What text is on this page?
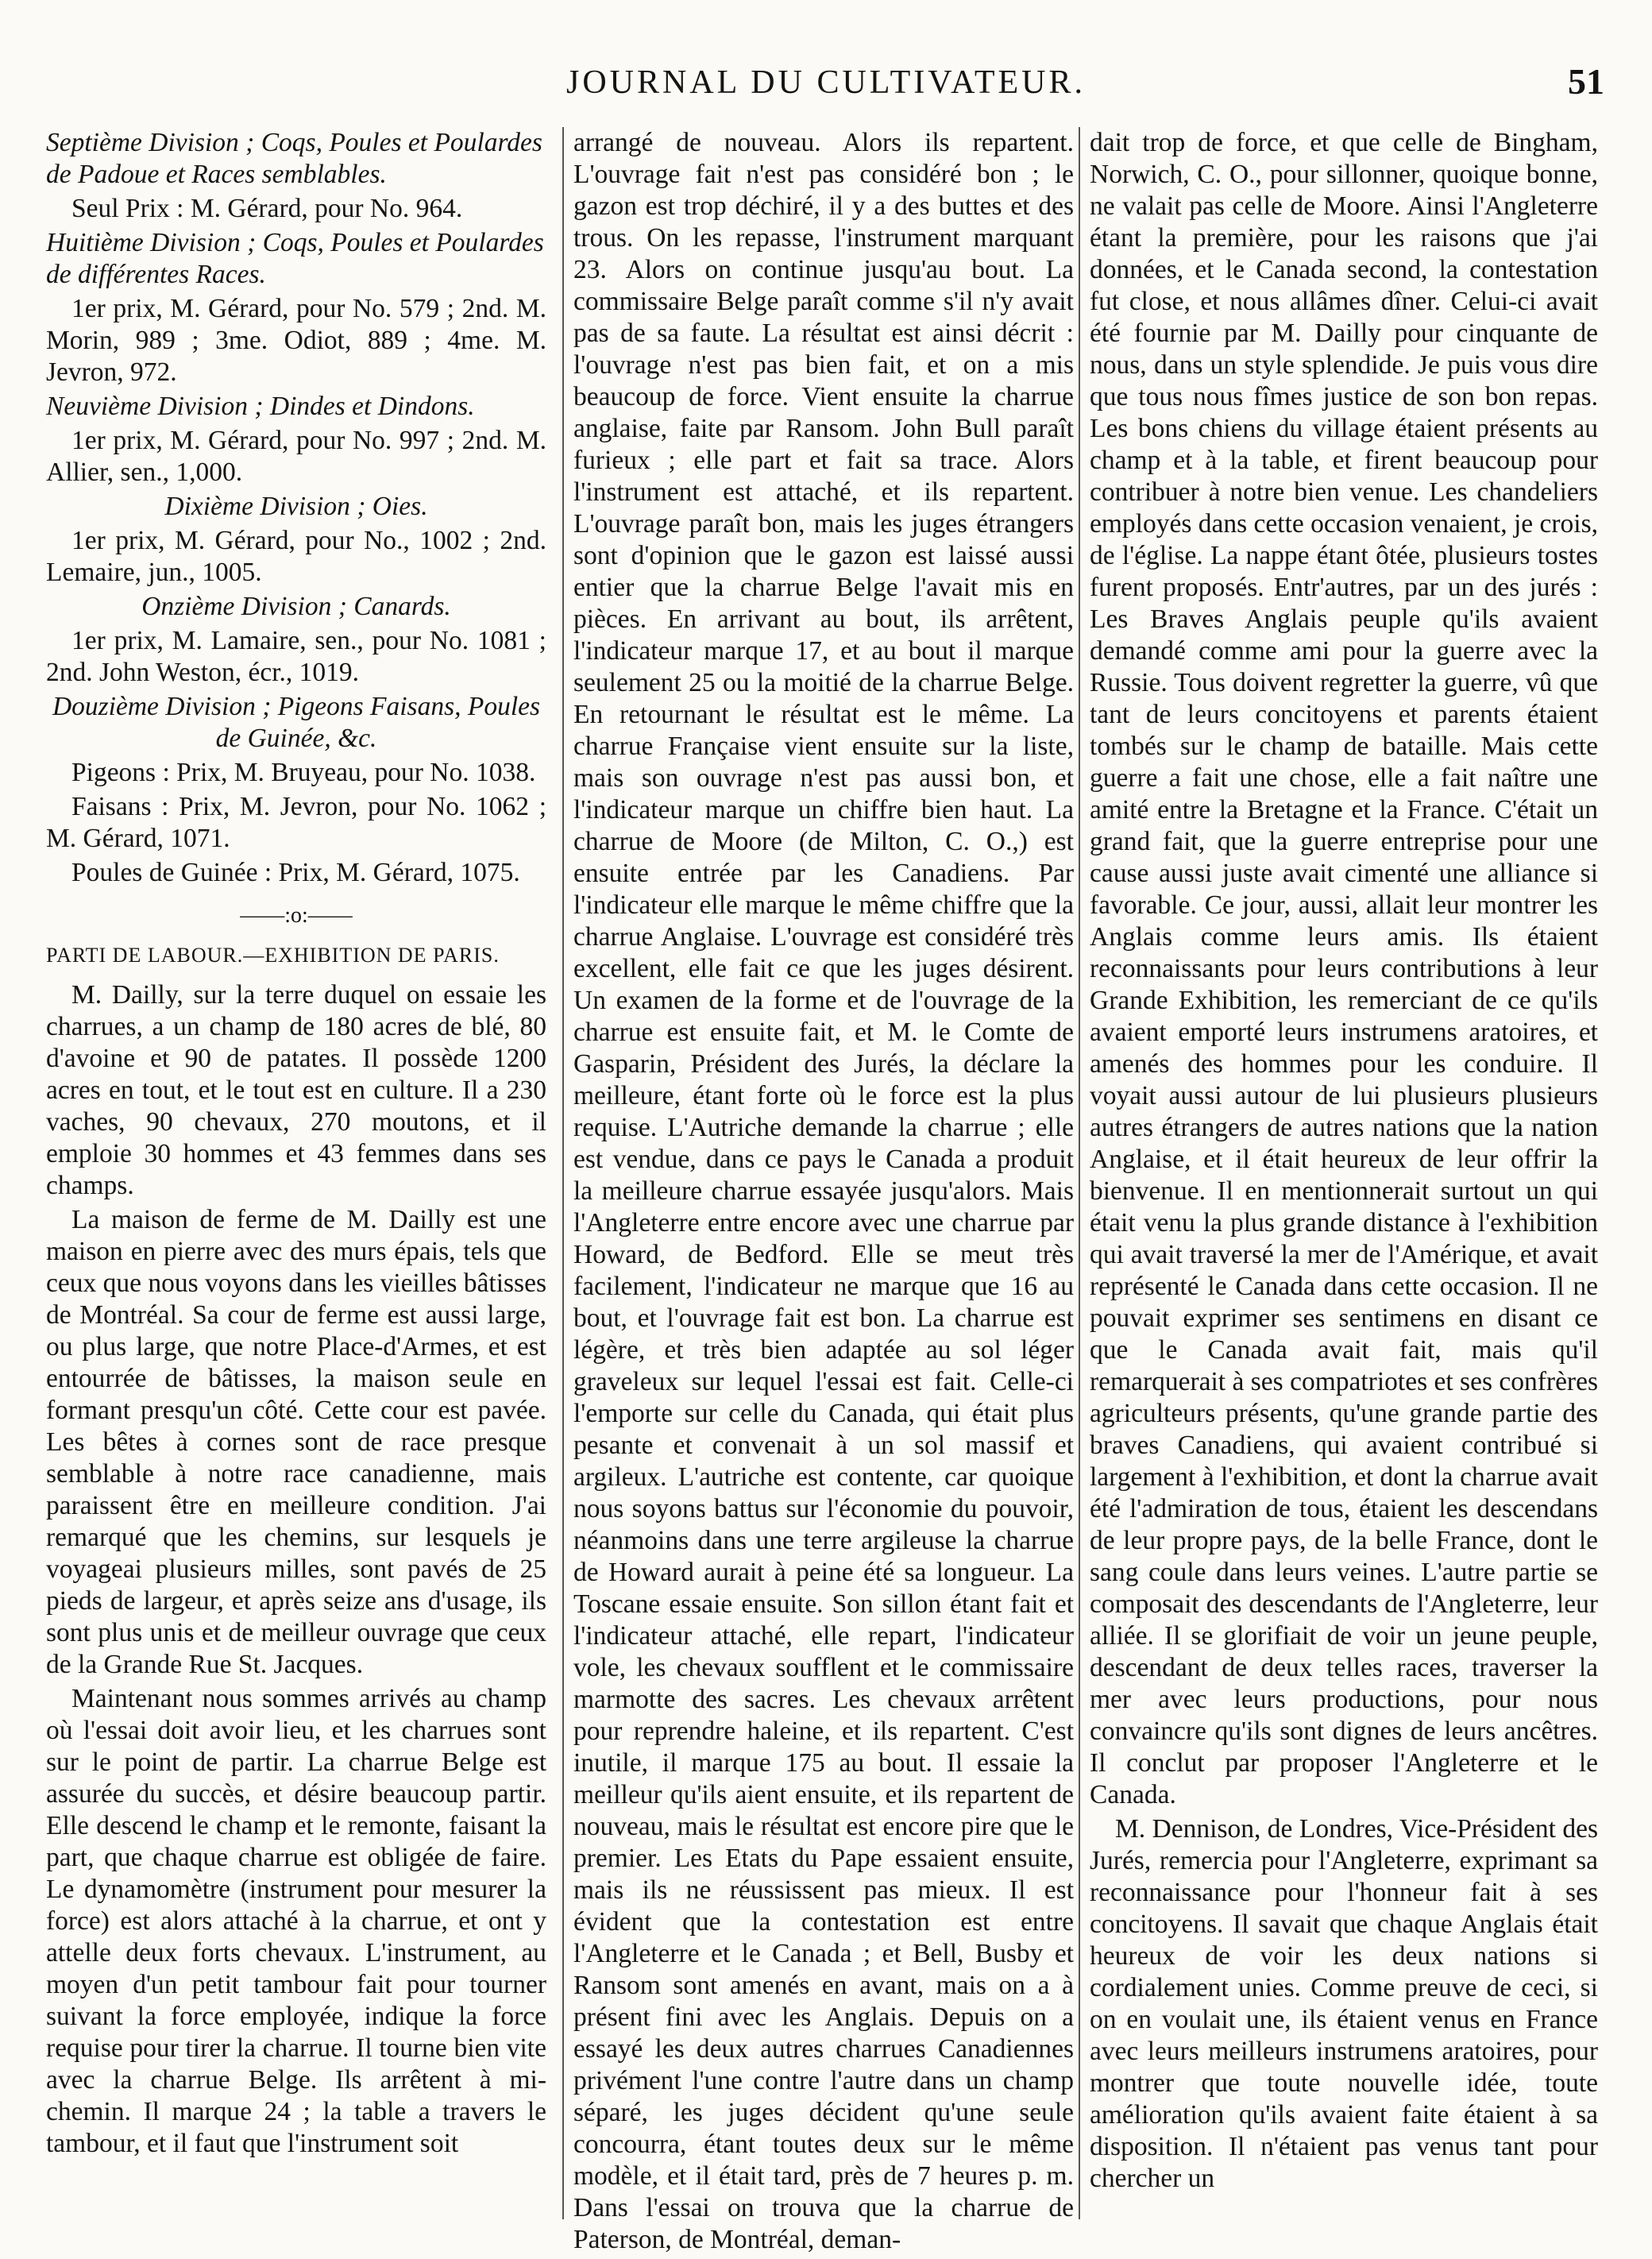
JOURNAL DU CULTIVATEUR.	51

Septième Division ; Coqs, Poules et Poulardes de Padoue et Races semblables.

Seul Prix : M. Gérard, pour No. 964.

Huitième Division ; Coqs, Poules et Poulardes de différentes Races.

1er prix, M. Gérard, pour No. 579 ; 2nd. M. Morin, 989 ; 3me. Odiot, 889 ; 4me. M. Jevron, 972.

Neuvième Division ; Dindes et Dindons.

1er prix, M. Gérard, pour No. 997 ; 2nd. M. Allier, sen., 1,000.

Dixième Division ; Oies.

1er prix, M. Gérard, pour No., 1002 ; 2nd. Lemaire, jun., 1005.

Onzième Division ; Canards.

1er prix, M. Lamaire, sen., pour No. 1081 ; 2nd. John Weston, écr., 1019.

Douzième Division ; Pigeons Faisans, Poules de Guinée, &c.

Pigeons : Prix, M. Bruyeau, pour No. 1038.

Faisans : Prix, M. Jevron, pour No. 1062 ; M. Gérard, 1071.

Poules de Guinée : Prix, M. Gérard, 1075.

——:o:——

PARTI DE LABOUR.—EXHIBITION DE PARIS.

M. Dailly, sur la terre duquel on essaie les charrues, a un champ de 180 acres de blé, 80 d'avoine et 90 de patates. Il possède 1200 acres en tout, et le tout est en culture. Il a 230 vaches, 90 chevaux, 270 moutons, et il emploie 30 hommes et 43 femmes dans ses champs.

La maison de ferme de M. Dailly est une maison en pierre avec des murs épais, tels que ceux que nous voyons dans les vieilles bâtisses de Montréal. Sa cour de ferme est aussi large, ou plus large, que notre Place-d'Armes, et est entourrée de bâtisses, la maison seule en formant presqu'un côté. Cette cour est pavée. Les bêtes à cornes sont de race presque semblable à notre race canadienne, mais paraissent être en meilleure condition. J'ai remarqué que les chemins, sur lesquels je voyageai plusieurs milles, sont pavés de 25 pieds de largeur, et après seize ans d'usage, ils sont plus unis et de meilleur ouvrage que ceux de la Grande Rue St. Jacques.

Maintenant nous sommes arrivés au champ où l'essai doit avoir lieu, et les charrues sont sur le point de partir. La charrue Belge est assurée du succès, et désire beaucoup partir. Elle descend le champ et le remonte, faisant la part, que chaque charrue est obligée de faire. Le dynamomètre (instrument pour mesurer la force) est alors attaché à la charrue, et ont y attelle deux forts chevaux. L'instrument, au moyen d'un petit tambour fait pour tourner suivant la force employée, indique la force requise pour tirer la charrue. Il tourne bien vite avec la charrue Belge. Ils arrêtent à mi-chemin. Il marque 24 ; la table a travers le tambour, et il faut que l'instrument soit

arrangé de nouveau. Alors ils repartent. L'ouvrage fait n'est pas considéré bon ; le gazon est trop déchiré, il y a des buttes et des trous. On les repasse, l'instrument marquant 23. Alors on continue jusqu'au bout. La commissaire Belge paraît comme s'il n'y avait pas de sa faute. La résultat est ainsi décrit : l'ouvrage n'est pas bien fait, et on a mis beaucoup de force. Vient ensuite la charrue anglaise, faite par Ransom. John Bull paraît furieux ; elle part et fait sa trace. Alors l'instrument est attaché, et ils repartent. L'ouvrage paraît bon, mais les juges étrangers sont d'opinion que le gazon est laissé aussi entier que la charrue Belge l'avait mis en pièces. En arrivant au bout, ils arrêtent, l'indicateur marque 17, et au bout il marque seulement 25 ou la moitié de la charrue Belge. En retournant le résultat est le même. La charrue Française vient ensuite sur la liste, mais son ouvrage n'est pas aussi bon, et l'indicateur marque un chiffre bien haut. La charrue de Moore (de Milton, C. O.,) est ensuite entrée par les Canadiens. Par l'indicateur elle marque le même chiffre que la charrue Anglaise. L'ouvrage est considéré très excellent, elle fait ce que les juges désirent. Un examen de la forme et de l'ouvrage de la charrue est ensuite fait, et M. le Comte de Gasparin, Président des Jurés, la déclare la meilleure, étant forte où le force est la plus requise. L'Autriche demande la charrue ; elle est vendue, dans ce pays le Canada a produit la meilleure charrue essayée jusqu'alors. Mais l'Angleterre entre encore avec une charrue par Howard, de Bedford. Elle se meut très facilement, l'indicateur ne marque que 16 au bout, et l'ouvrage fait est bon. La charrue est légère, et très bien adaptée au sol léger graveleux sur lequel l'essai est fait. Celle-ci l'emporte sur celle du Canada, qui était plus pesante et convenait à un sol massif et argileux. L'autriche est contente, car quoique nous soyons battus sur l'économie du pouvoir, néanmoins dans une terre argileuse la charrue de Howard aurait à peine été sa longueur. La Toscane essaie ensuite. Son sillon étant fait et l'indicateur attaché, elle repart, l'indicateur vole, les chevaux soufflent et le commissaire marmotte des sacres. Les chevaux arrêtent pour reprendre haleine, et ils repartent. C'est inutile, il marque 175 au bout. Il essaie la meilleur qu'ils aient ensuite, et ils repartent de nouveau, mais le résultat est encore pire que le premier. Les Etats du Pape essaient ensuite, mais ils ne réussissent pas mieux. Il est évident que la contestation est entre l'Angleterre et le Canada ; et Bell, Busby et Ransom sont amenés en avant, mais on a à présent fini avec les Anglais. Depuis on a essayé les deux autres charrues Canadiennes privément l'une contre l'autre dans un champ séparé, les juges décident qu'une seule concourra, étant toutes deux sur le même modèle, et il était tard, près de 7 heures p. m. Dans l'essai on trouva que la charrue de Paterson, de Montréal, deman-

dait trop de force, et que celle de Bingham, Norwich, C. O., pour sillonner, quoique bonne, ne valait pas celle de Moore. Ainsi l'Angleterre étant la première, pour les raisons que j'ai données, et le Canada second, la contestation fut close, et nous allâmes dîner. Celui-ci avait été fournie par M. Dailly pour cinquante de nous, dans un style splendide. Je puis vous dire que tous nous fîmes justice de son bon repas. Les bons chiens du village étaient présents au champ et à la table, et firent beaucoup pour contribuer à notre bien venue. Les chandeliers employés dans cette occasion venaient, je crois, de l'église. La nappe étant ôtée, plusieurs tostes furent proposés. Entr'autres, par un des jurés : Les Braves Anglais peuple qu'ils avaient demandé comme ami pour la guerre avec la Russie. Tous doivent regretter la guerre, vû que tant de leurs concitoyens et parents étaient tombés sur le champ de bataille. Mais cette guerre a fait une chose, elle a fait naître une amité entre la Bretagne et la France. C'était un grand fait, que la guerre entreprise pour une cause aussi juste avait cimenté une alliance si favorable. Ce jour, aussi, allait leur montrer les Anglais comme leurs amis. Ils étaient reconnaissants pour leurs contributions à leur Grande Exhibition, les remerciant de ce qu'ils avaient emporté leurs instrumens aratoires, et amenés des hommes pour les conduire. Il voyait aussi autour de lui plusieurs plusieurs autres étrangers de autres nations que la nation Anglaise, et il était heureux de leur offrir la bienvenue. Il en mentionnerait surtout un qui était venu la plus grande distance à l'exhibition qui avait traversé la mer de l'Amérique, et avait représenté le Canada dans cette occasion. Il ne pouvait exprimer ses sentimens en disant ce que le Canada avait fait, mais qu'il remarquerait à ses compatriotes et ses confrères agriculteurs présents, qu'une grande partie des braves Canadiens, qui avaient contribué si largement à l'exhibition, et dont la charrue avait été l'admiration de tous, étaient les descendans de leur propre pays, de la belle France, dont le sang coule dans leurs veines. L'autre partie se composait des descendants de l'Angleterre, leur alliée. Il se glorifiait de voir un jeune peuple, descendant de deux telles races, traverser la mer avec leurs productions, pour nous convaincre qu'ils sont dignes de leurs ancêtres. Il conclut par proposer l'Angleterre et le Canada.

M. Dennison, de Londres, Vice-Président des Jurés, remercia pour l'Angleterre, exprimant sa reconnaissance pour l'honneur fait à ses concitoyens. Il savait que chaque Anglais était heureux de voir les deux nations si cordialement unies. Comme preuve de ceci, si on en voulait une, ils étaient venus en France avec leurs meilleurs instrumens aratoires, pour montrer que toute nouvelle idée, toute amélioration qu'ils avaient faite étaient à sa disposition. Il n'étaient pas venus tant pour chercher un
